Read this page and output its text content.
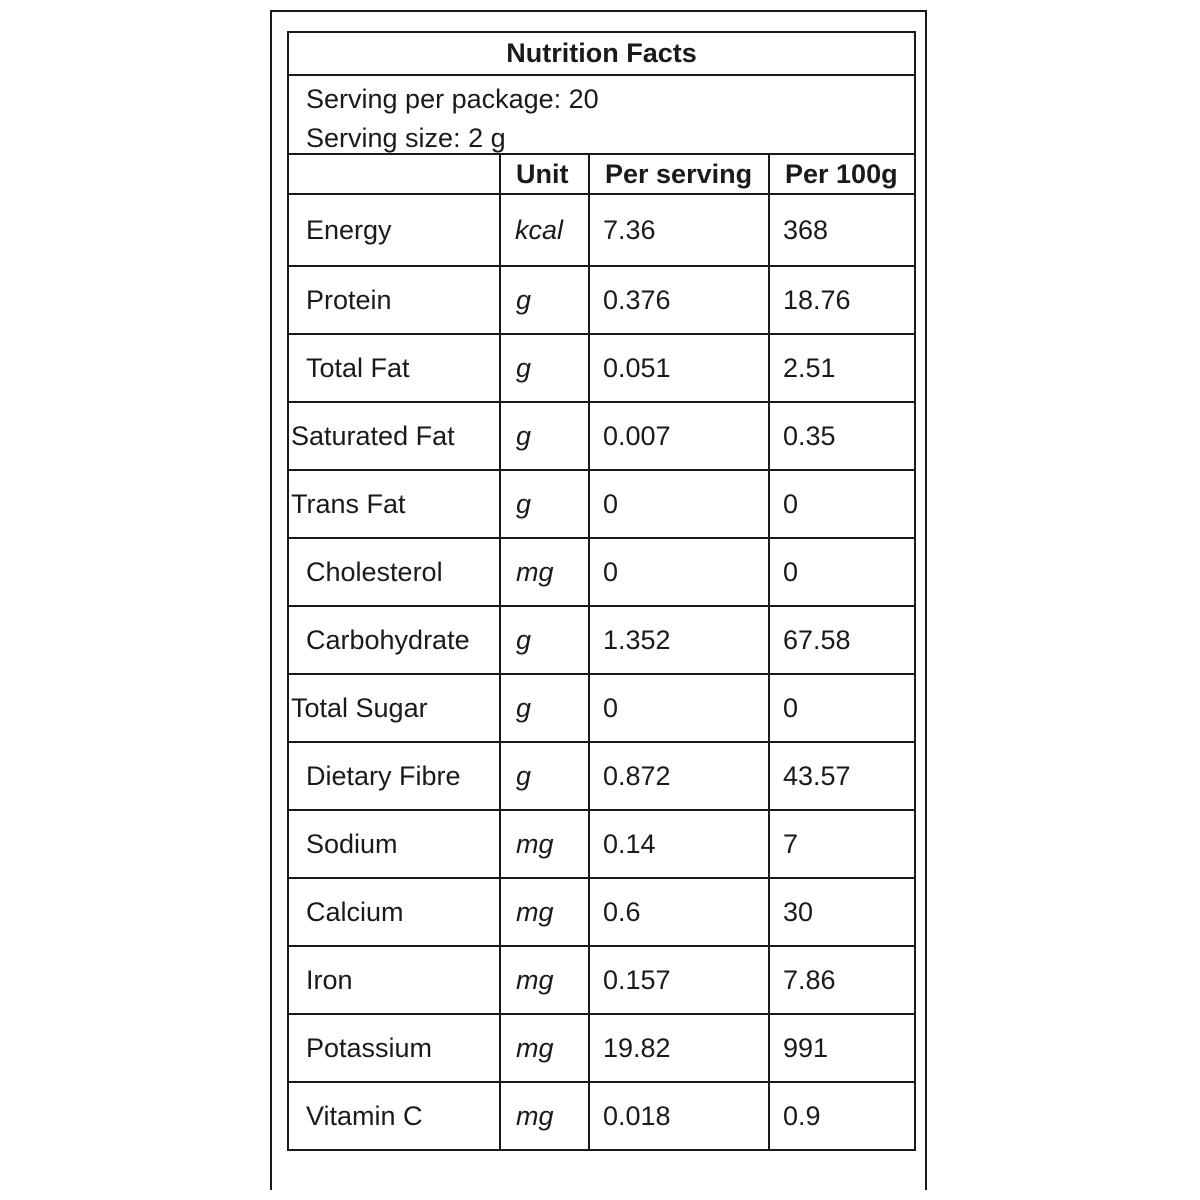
Nutrition Facts
Serving per package: 20
Serving size: 2 g
	Unit	Per serving	Per 100g
Energy	kcal	7.36	368
Protein	g	0.376	18.76
Total Fat	g	0.051	2.51
Saturated Fat	g	0.007	0.35
Trans Fat	g	0	0
Cholesterol	mg	0	0
Carbohydrate	g	1.352	67.58
Total Sugar	g	0	0
Dietary Fibre	g	0.872	43.57
Sodium	mg	0.14	7
Calcium	mg	0.6	30
Iron	mg	0.157	7.86
Potassium	mg	19.82	991
Vitamin C	mg	0.018	0.9
